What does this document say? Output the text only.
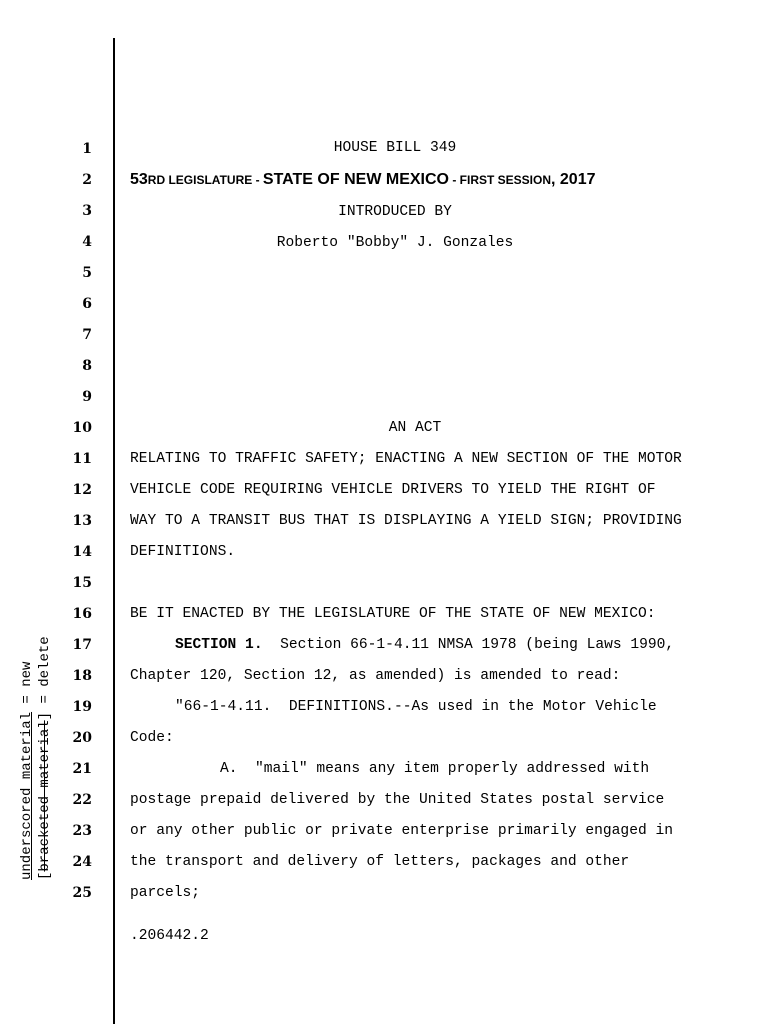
underscored material = new
[bracketed material] = delete
1
2
3
4
5
6
7
8
9
10
11
12
13
14
15
16
17
18
19
20
21
22
23
24
25
HOUSE BILL 349
53RD LEGISLATURE - STATE OF NEW MEXICO - FIRST SESSION, 2017
INTRODUCED BY
Roberto "Bobby" J. Gonzales
AN ACT
RELATING TO TRAFFIC SAFETY; ENACTING A NEW SECTION OF THE MOTOR
VEHICLE CODE REQUIRING VEHICLE DRIVERS TO YIELD THE RIGHT OF
WAY TO A TRANSIT BUS THAT IS DISPLAYING A YIELD SIGN; PROVIDING
DEFINITIONS.
BE IT ENACTED BY THE LEGISLATURE OF THE STATE OF NEW MEXICO:
SECTION 1.  Section 66-1-4.11 NMSA 1978 (being Laws 1990,
Chapter 120, Section 12, as amended) is amended to read:
"66-1-4.11.  DEFINITIONS.--As used in the Motor Vehicle
Code:
A.  "mail" means any item properly addressed with
postage prepaid delivered by the United States postal service
or any other public or private enterprise primarily engaged in
the transport and delivery of letters, packages and other
parcels;
.206442.2
